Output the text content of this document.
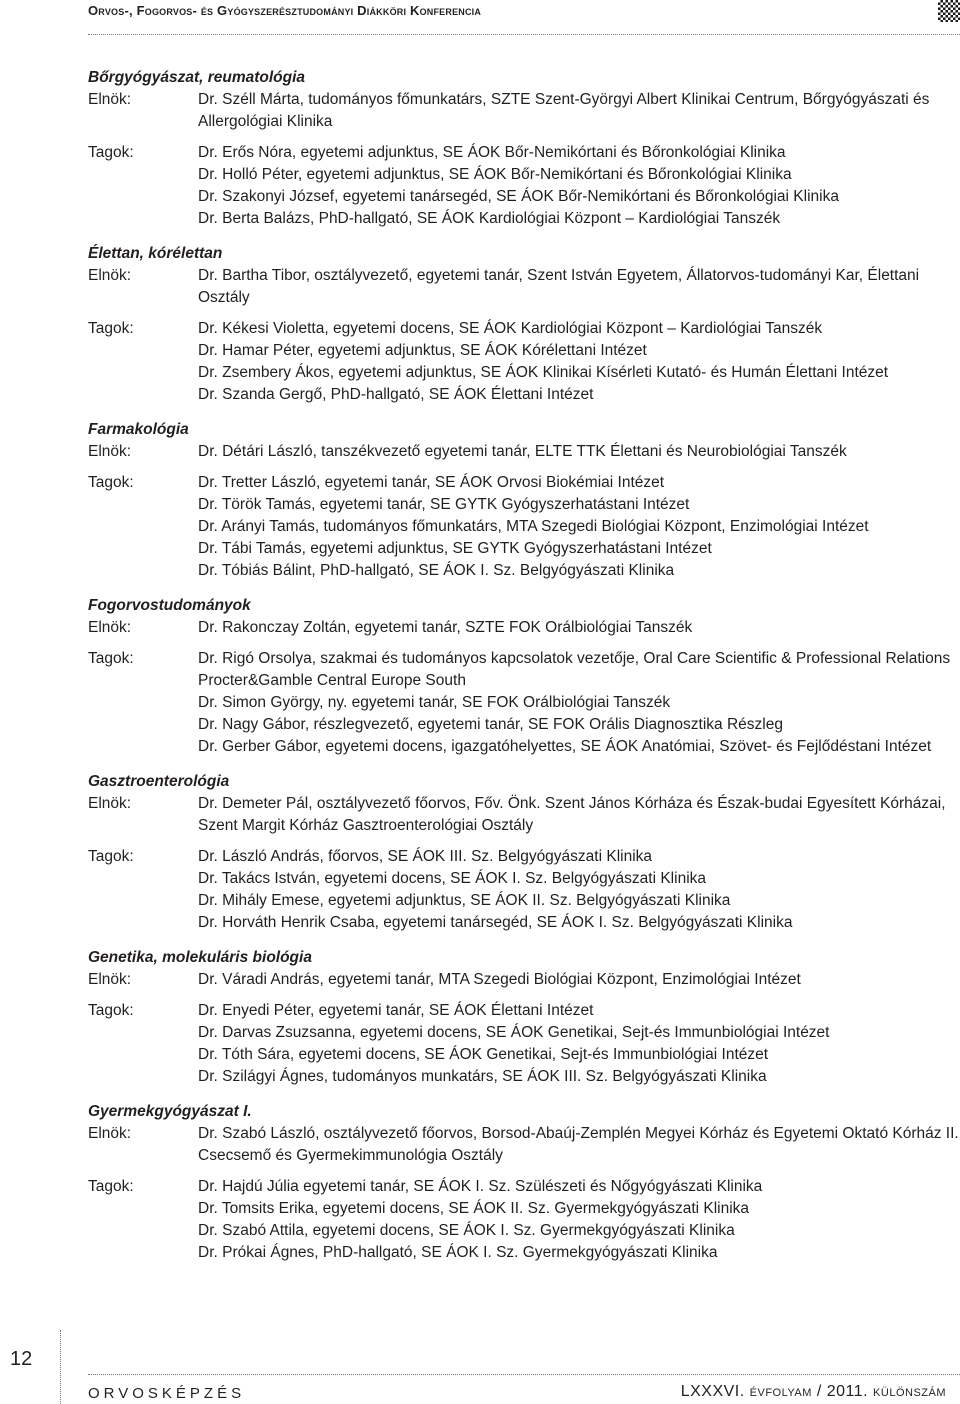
Orvos-, Fogorvos- és Gyógyszerésztudományi Diákköri Konferencia
Bőrgyógyászat, reumatológia
Elnök:	Dr. Széll Márta, tudományos főmunkatárs, SZTE Szent-Györgyi Albert Klinikai Centrum, Bőrgyógyászati és Allergológiai Klinika
Tagok:	Dr. Erős Nóra, egyetemi adjunktus, SE ÁOK Bőr-Nemikórtani és Bőronkológiai Klinika
Dr. Holló Péter, egyetemi adjunktus, SE ÁOK Bőr-Nemikórtani és Bőronkológiai Klinika
Dr. Szakonyi József, egyetemi tanársegéd, SE ÁOK Bőr-Nemikórtani és Bőronkológiai Klinika
Dr. Berta Balázs, PhD-hallgató, SE ÁOK Kardiológiai Központ – Kardiológiai Tanszék
Élettan, kórélettan
Elnök:	Dr. Bartha Tibor, osztályvezető, egyetemi tanár, Szent István Egyetem, Állatorvos-tudományi Kar, Élettani Osztály
Tagok:	Dr. Kékesi Violetta, egyetemi docens, SE ÁOK Kardiológiai Központ – Kardiológiai Tanszék
Dr. Hamar Péter, egyetemi adjunktus, SE ÁOK Kórélettani Intézet
Dr. Zsembery Ákos, egyetemi adjunktus, SE ÁOK Klinikai Kísérleti Kutató- és Humán Élettani Intézet
Dr. Szanda Gergő, PhD-hallgató, SE ÁOK Élettani Intézet
Farmakológia
Elnök:	Dr. Détári László, tanszékvezető egyetemi tanár, ELTE TTK Élettani és Neurobiológiai Tanszék
Tagok:	Dr. Tretter László, egyetemi tanár, SE ÁOK Orvosi Biokémiai Intézet
Dr. Török Tamás, egyetemi tanár, SE GYTK Gyógyszerhatástani Intézet
Dr. Arányi Tamás, tudományos főmunkatárs, MTA Szegedi Biológiai Központ, Enzimológiai Intézet
Dr. Tábi Tamás, egyetemi adjunktus, SE GYTK Gyógyszerhatástani Intézet
Dr. Tóbiás Bálint, PhD-hallgató, SE ÁOK I. Sz. Belgyógyászati Klinika
Fogorvostudományok
Elnök:	Dr. Rakonczay Zoltán, egyetemi tanár, SZTE FOK Orálbiológiai Tanszék
Tagok:	Dr. Rigó Orsolya, szakmai és tudományos kapcsolatok vezetője, Oral Care Scientific & Professional Relations Procter&Gamble Central Europe South
Dr. Simon György, ny. egyetemi tanár, SE FOK Orálbiológiai Tanszék
Dr. Nagy Gábor, részlegvezető, egyetemi tanár, SE FOK Orális Diagnosztika Részleg
Dr. Gerber Gábor, egyetemi docens, igazgatóhelyettes, SE ÁOK Anatómiai, Szövet- és Fejlődéstani Intézet
Gasztroenterológia
Elnök:	Dr. Demeter Pál, osztályvezető főorvos, Főv. Önk. Szent János Kórháza és Észak-budai Egyesített Kórházai, Szent Margit Kórház Gasztroenterológiai Osztály
Tagok:	Dr. László András, főorvos, SE ÁOK III. Sz. Belgyógyászati Klinika
Dr. Takács István, egyetemi docens, SE ÁOK I. Sz. Belgyógyászati Klinika
Dr. Mihály Emese, egyetemi adjunktus, SE ÁOK II. Sz. Belgyógyászati Klinika
Dr. Horváth Henrik Csaba, egyetemi tanársegéd, SE ÁOK I. Sz. Belgyógyászati Klinika
Genetika, molekuláris biológia
Elnök:	Dr. Váradi András, egyetemi tanár, MTA Szegedi Biológiai Központ, Enzimológiai Intézet
Tagok:	Dr. Enyedi Péter, egyetemi tanár, SE ÁOK Élettani Intézet
Dr. Darvas Zsuzsanna, egyetemi docens, SE ÁOK Genetikai, Sejt-és Immunbiológiai Intézet
Dr. Tóth Sára, egyetemi docens, SE ÁOK Genetikai, Sejt-és Immunbiológiai Intézet
Dr. Szilágyi Ágnes, tudományos munkatárs, SE ÁOK III. Sz. Belgyógyászati Klinika
Gyermekgyógyászat I.
Elnök:	Dr. Szabó László, osztályvezető főorvos, Borsod-Abaúj-Zemplén Megyei Kórház és Egyetemi Oktató Kórház II. Csecsemő és Gyermekimmunológia Osztály
Tagok:	Dr. Hajdú Júlia egyetemi tanár, SE ÁOK I. Sz. Szülészeti és Nőgyógyászati Klinika
Dr. Tomsits Erika, egyetemi docens, SE ÁOK II. Sz. Gyermekgyógyászati Klinika
Dr. Szabó Attila, egyetemi docens, SE ÁOK I. Sz. Gyermekgyógyászati Klinika
Dr. Prókai Ágnes, PhD-hallgató, SE ÁOK I. Sz. Gyermekgyógyászati Klinika
12
ORVOSKÉPZÉS	LXXXVI. évfolyam / 2011. különszám
